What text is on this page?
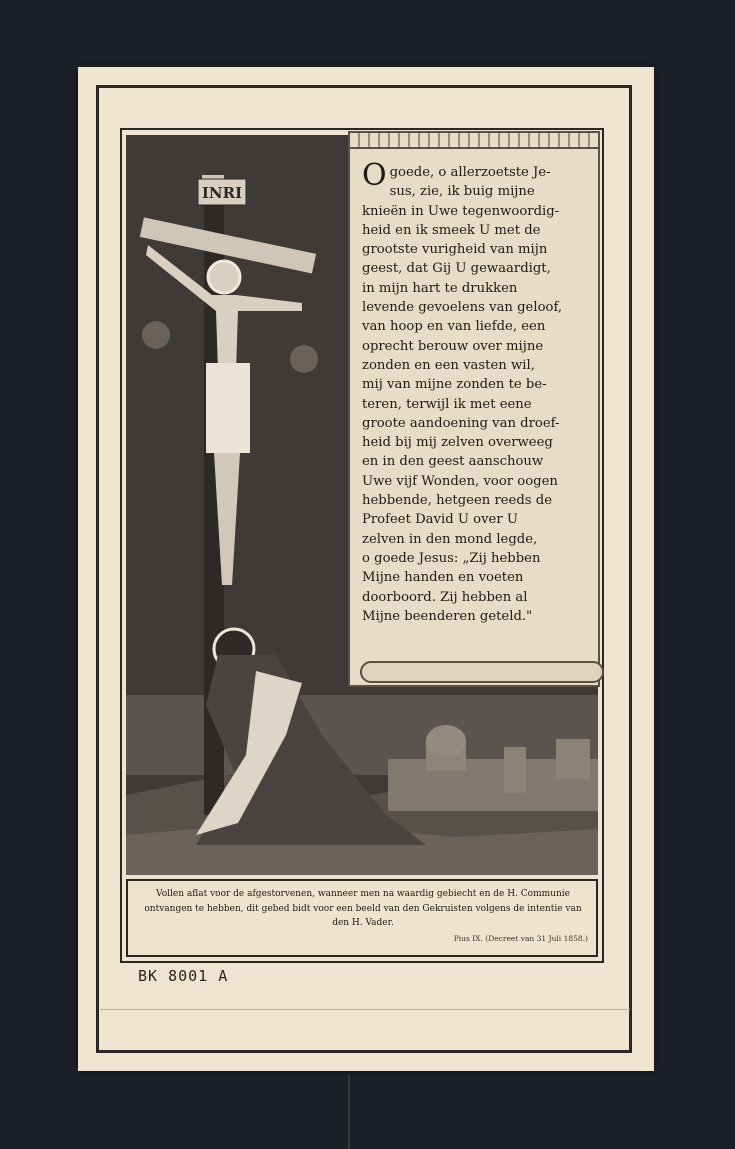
INRI	Ogoede, o allerzoetste Je-
sus, zie, ik buig mijne
knieën in Uwe tegenwoordig-
heid en ik smeek U met de
grootste vurigheid van mijn
geest, dat Gij U gewaardigt,
in mijn hart te drukken
levende gevoelens van geloof,
van hoop en van liefde, een
oprecht berouw over mijne
zonden en een vasten wil,
mij van mijne zonden te be-
teren, terwijl ik met eene
groote aandoening van droef-
heid bij mij zelven overweeg
en in den geest aanschouw
Uwe vijf Wonden, voor oogen
hebbende, hetgeen reeds de
Profeet David U over U
zelven in den mond legde,
o goede Jesus: „Zij hebben
Mijne handen en voeten
doorboord. Zij hebben al
Mijne beenderen geteld."

Vollen aflat voor de afgestorvenen, wanneer men na waardig gebiecht en de H. Communie ontvangen te hebben, dit gebed bidt voor een beeld van den Gekruisten volgens de intentie van den H. Vader.

Pius IX. (Decreet van 31 Juli 1858.)

BK 8001 A
